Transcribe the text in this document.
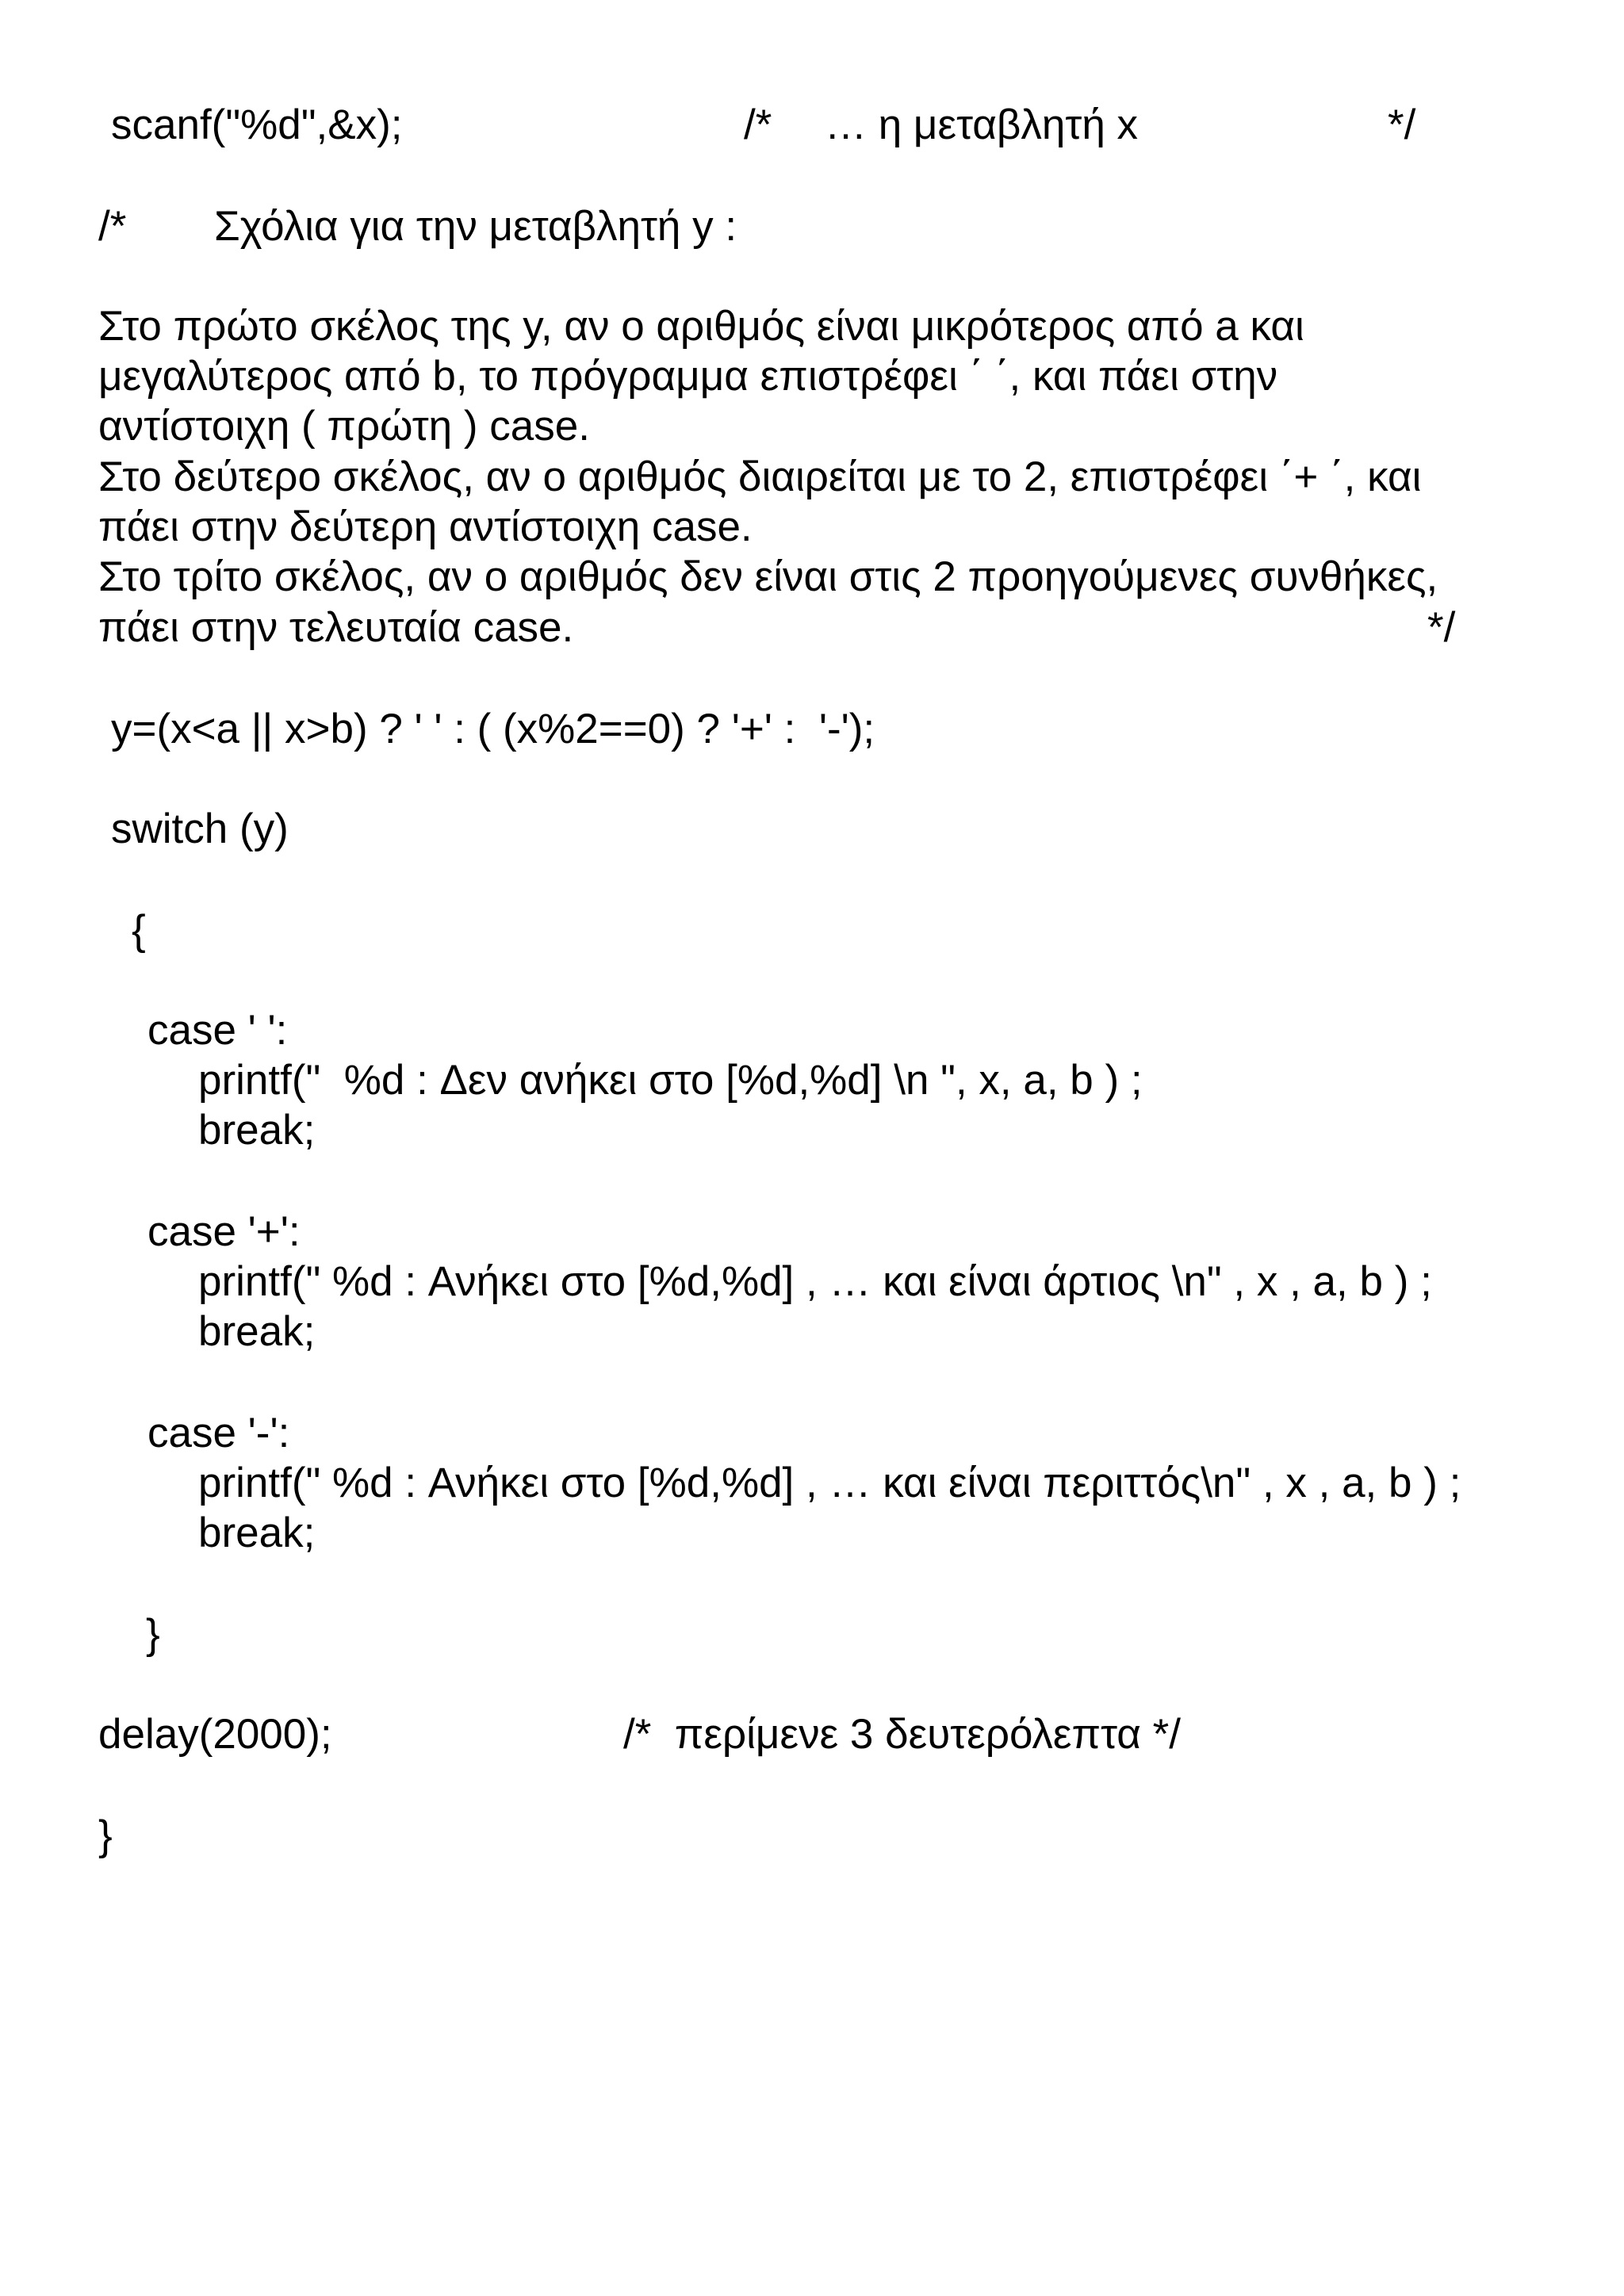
scanf("%d",&x);	/* … η μεταβλητή x	*/
/* Σχόλια για την μεταβλητή y :
Στο πρώτο σκέλος της y, αν ο αριθμός είναι μικρότερος από a και
μεγαλύτερος από b, το πρόγραμμα επιστρέφει ΄ ΄, και πάει στην
αντίστοιχη ( πρώτη ) case.
Στο δεύτερο σκέλος, αν ο αριθμός διαιρείται με το 2, επιστρέφει ΄+ ΄, και
πάει στην δεύτερη αντίστοιχη case.
Στο τρίτο σκέλος, αν ο αριθμός δεν είναι στις 2 προηγούμενες συνθήκες,
πάει στην τελευταία case.	*/
y=(x<a || x>b) ? ' ' : ( (x%2==0) ? '+' :  '-');
switch (y)
{
case ' ':
printf("  %d : Δεν ανήκει στο [%d,%d] \n ", x, a, b ) ;
break;
case '+':
printf(" %d : Ανήκει στο [%d,%d] , … και είναι άρτιος \n" , x , a, b ) ;
break;
case '-':
printf(" %d : Ανήκει στο [%d,%d] , … και είναι περιττός\n" , x , a, b ) ;
break;
}
delay(2000);	/*  περίμενε 3 δευτερόλεπτα */
}
